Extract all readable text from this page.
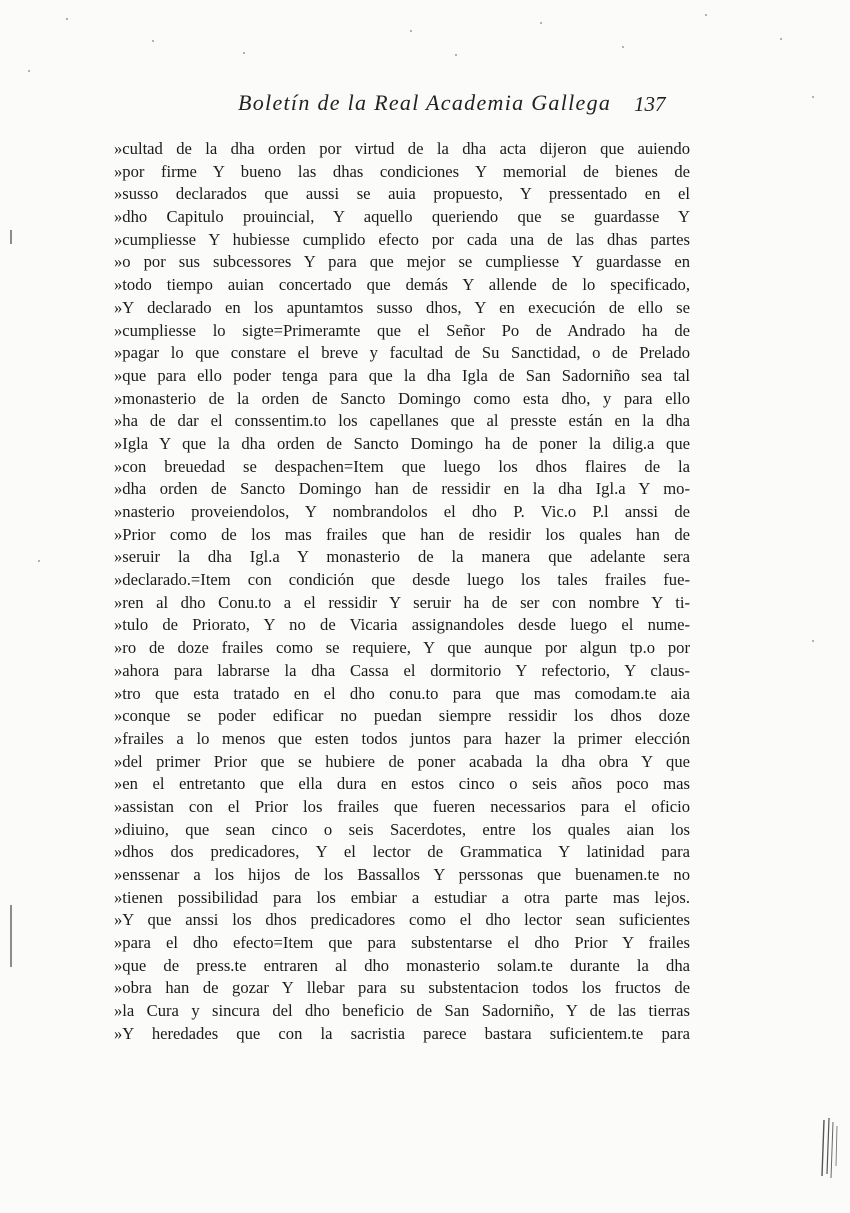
Boletín de la Real Academia Gallega 137
»cultad de la dha orden por virtud de la dha acta dijeron que auiendo
»por firme Y bueno las dhas condiciones Y memorial de bienes de
»susso declarados que aussi se auia propuesto, Y pressentado en el
»dho Capitulo prouincial, Y aquello queriendo que se guardasse Y
»cumpliesse Y hubiesse cumplido efecto por cada una de las dhas partes
»o por sus subcessores Y para que mejor se cumpliesse Y guardasse en
»todo tiempo auian concertado que demás Y allende de lo specificado,
»Y declarado en los apuntamtos susso dhos, Y en execución de ello se
»cumpliesse lo sigte=Primeramte que el Señor Po de Andrado ha de
»pagar lo que constare el breve y facultad de Su Sanctidad, o de Prelado
»que para ello poder tenga para que la dha Igla de San Sadorniño sea tal
»monasterio de la orden de Sancto Domingo como esta dho, y para ello
»ha de dar el conssentim.to los capellanes que al presste están en la dha
»Igla Y que la dha orden de Sancto Domingo ha de poner la dilig.a que
»con breuedad se despachen=Item que luego los dhos flaires de la
»dha orden de Sancto Domingo han de ressidir en la dha Igl.a Y mo-
»nasterio proveiendolos, Y nombrandolos el dho P. Vic.o P.l anssi de
»Prior como de los mas frailes que han de residir los quales han de
»seruir la dha Igl.a Y monasterio de la manera que adelante sera
»declarado.=Item con condición que desde luego los tales frailes fue-
»ren al dho Conu.to a el ressidir Y seruir ha de ser con nombre Y ti-
»tulo de Priorato, Y no de Vicaria assignandoles desde luego el nume-
»ro de doze frailes como se requiere, Y que aunque por algun tp.o por
»ahora para labrarse la dha Cassa el dormitorio Y refectorio, Y claus-
»tro que esta tratado en el dho conu.to para que mas comodam.te aia
»conque se poder edificar no puedan siempre ressidir los dhos doze
»frailes a lo menos que esten todos juntos para hazer la primer elección
»del primer Prior que se hubiere de poner acabada la dha obra Y que
»en el entretanto que ella dura en estos cinco o seis años poco mas
»assistan con el Prior los frailes que fueren necessarios para el oficio
»diuino, que sean cinco o seis Sacerdotes, entre los quales aian los
»dhos dos predicadores, Y el lector de Grammatica Y latinidad para
»enssenar a los hijos de los Bassallos Y perssonas que buenamen.te no
»tienen possibilidad para los embiar a estudiar a otra parte mas lejos.
»Y que anssi los dhos predicadores como el dho lector sean suficientes
»para el dho efecto=Item que para substentarse el dho Prior Y frailes
»que de press.te entraren al dho monasterio solam.te durante la dha
»obra han de gozar Y llebar para su substentacion todos los fructos de
»la Cura y sincura del dho beneficio de San Sadorniño, Y de las tierras
»Y heredades que con la sacristia parece bastara suficientem.te para
